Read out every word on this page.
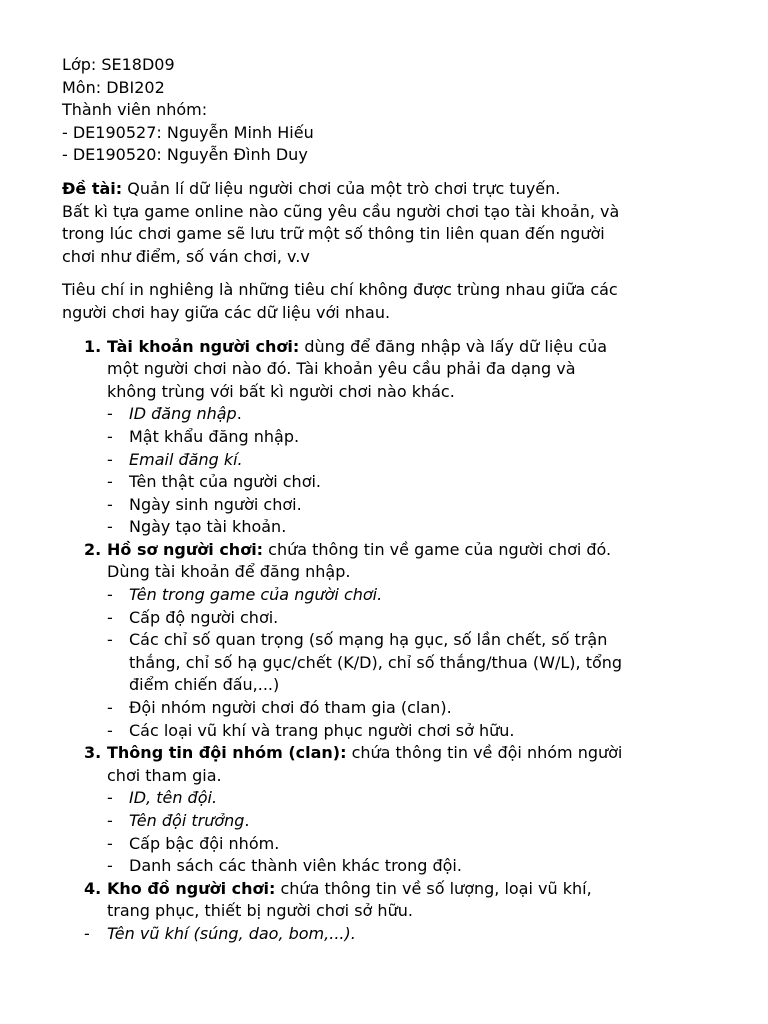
Lớp: SE18D09
Môn: DBI202
Thành viên nhóm:
- DE190527: Nguyễn Minh Hiếu
- DE190520: Nguyễn Đình Duy
Đề tài: Quản lí dữ liệu người chơi của một trò chơi trực tuyến.
Bất kì tựa game online nào cũng yêu cầu người chơi tạo tài khoản, và
trong lúc chơi game sẽ lưu trữ một số thông tin liên quan đến người
chơi như điểm, số ván chơi, v.v
Tiêu chí in nghiêng là những tiêu chí không được trùng nhau giữa các
người chơi hay giữa các dữ liệu với nhau.
1. Tài khoản người chơi: dùng để đăng nhập và lấy dữ liệu của
một người chơi nào đó. Tài khoản yêu cầu phải đa dạng và
không trùng với bất kì người chơi nào khác.
- ID đăng nhập.
- Mật khẩu đăng nhập.
- Email đăng kí.
- Tên thật của người chơi.
- Ngày sinh người chơi.
- Ngày tạo tài khoản.
2. Hồ sơ người chơi: chứa thông tin về game của người chơi đó.
Dùng tài khoản để đăng nhập.
- Tên trong game của người chơi.
- Cấp độ người chơi.
- Các chỉ số quan trọng (số mạng hạ gục, số lần chết, số trận
thắng, chỉ số hạ gục/chết (K/D), chỉ số thắng/thua (W/L), tổng
điểm chiến đấu,...)
- Đội nhóm người chơi đó tham gia (clan).
- Các loại vũ khí và trang phục người chơi sở hữu.
3. Thông tin đội nhóm (clan): chứa thông tin về đội nhóm người
chơi tham gia.
- ID, tên đội.
- Tên đội trưởng.
- Cấp bậc đội nhóm.
- Danh sách các thành viên khác trong đội.
4. Kho đồ người chơi: chứa thông tin về số lượng, loại vũ khí,
trang phục, thiết bị người chơi sở hữu.
- Tên vũ khí (súng, dao, bom,...).
